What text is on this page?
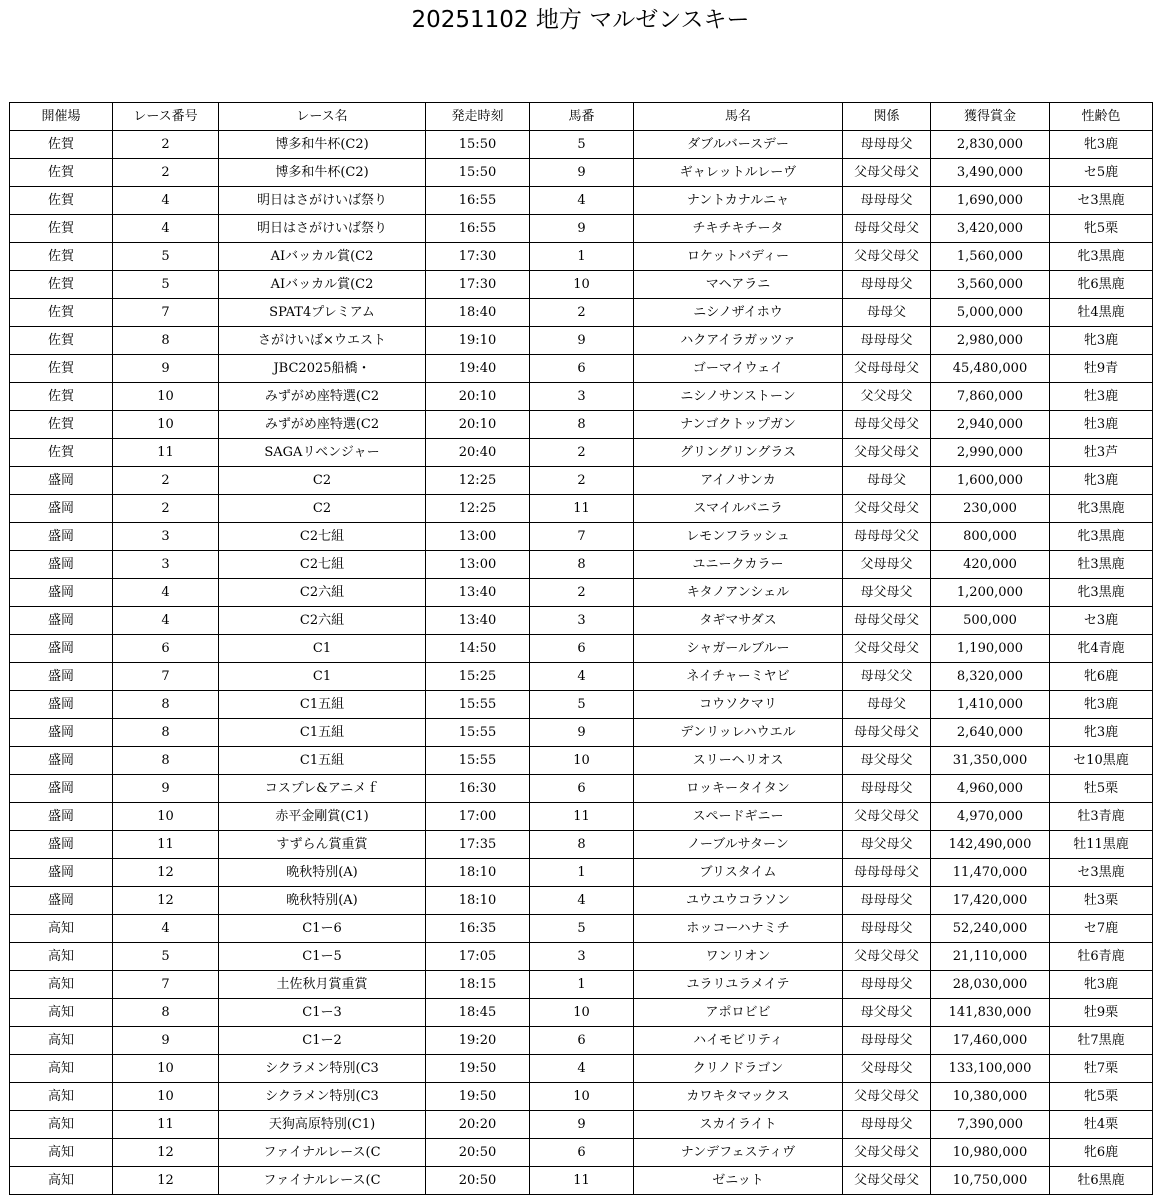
20251102 地方 マルゼンスキー
開催場	レース番号	レース名	発走時刻	馬番	馬名	関係	獲得賞金	性齢色
佐賀	2	博多和牛杯(C2)	15:50	5	ダブルバースデー	母母母父	2,830,000	牝3鹿
佐賀	2	博多和牛杯(C2)	15:50	9	ギャレットルレーヴ	父母父母父	3,490,000	セ5鹿
佐賀	4	明日はさがけいば祭り	16:55	4	ナントカナルニャ	母母母父	1,690,000	セ3黒鹿
佐賀	4	明日はさがけいば祭り	16:55	9	チキチキチータ	母母父母父	3,420,000	牝5栗
佐賀	5	AIバッカル賞(C2	17:30	1	ロケットバディー	父母父母父	1,560,000	牝3黒鹿
佐賀	5	AIバッカル賞(C2	17:30	10	マヘアラニ	母母母父	3,560,000	牝6黒鹿
佐賀	7	SPAT4プレミアム	18:40	2	ニシノザイホウ	母母父	5,000,000	牡4黒鹿
佐賀	8	さがけいば×ウエスト	19:10	9	ハクアイラガッツァ	母母母父	2,980,000	牝3鹿
佐賀	9	JBC2025船橋・	19:40	6	ゴーマイウェイ	父母母母父	45,480,000	牡9青
佐賀	10	みずがめ座特選(C2	20:10	3	ニシノサンストーン	父父母父	7,860,000	牡3鹿
佐賀	10	みずがめ座特選(C2	20:10	8	ナンゴクトップガン	母母父母父	2,940,000	牡3鹿
佐賀	11	SAGAリベンジャー	20:40	2	グリングリングラス	父母父母父	2,990,000	牡3芦
盛岡	2	C2	12:25	2	アイノサンカ	母母父	1,600,000	牝3鹿
盛岡	2	C2	12:25	11	スマイルバニラ	父母父母父	230,000	牝3黒鹿
盛岡	3	C2七組	13:00	7	レモンフラッシュ	母母母父父	800,000	牝3黒鹿
盛岡	3	C2七組	13:00	8	ユニークカラー	父母母父	420,000	牡3黒鹿
盛岡	4	C2六組	13:40	2	キタノアンシェル	母父母父	1,200,000	牝3黒鹿
盛岡	4	C2六組	13:40	3	タギマサダス	母母父母父	500,000	セ3鹿
盛岡	6	C1	14:50	6	シャガールブルー	父母父母父	1,190,000	牝4青鹿
盛岡	7	C1	15:25	4	ネイチャーミヤビ	母母父父	8,320,000	牝6鹿
盛岡	8	C1五組	15:55	5	コウソクマリ	母母父	1,410,000	牝3鹿
盛岡	8	C1五組	15:55	9	デンリッレハウエル	母母父母父	2,640,000	牝3鹿
盛岡	8	C1五組	15:55	10	スリーヘリオス	母父母父	31,350,000	セ10黒鹿
盛岡	9	コスプレ&アニメｆ	16:30	6	ロッキータイタン	母母母父	4,960,000	牡5栗
盛岡	10	赤平金剛賞(C1)	17:00	11	スペードギニー	父母父母父	4,970,000	牡3青鹿
盛岡	11	すずらん賞重賞	17:35	8	ノーブルサターン	母父母父	142,490,000	牡11黒鹿
盛岡	12	晩秋特別(A)	18:10	1	ブリスタイム	母母母母父	11,470,000	セ3黒鹿
盛岡	12	晩秋特別(A)	18:10	4	ユウユウコラソン	母母母父	17,420,000	牡3栗
高知	4	C1ー6	16:35	5	ホッコーハナミチ	母母母父	52,240,000	セ7鹿
高知	5	C1ー5	17:05	3	ワンリオン	父母父母父	21,110,000	牡6青鹿
高知	7	土佐秋月賞重賞	18:15	1	ユラリユラメイテ	母母母父	28,030,000	牝3鹿
高知	8	C1ー3	18:45	10	アポロビビ	母父母父	141,830,000	牡9栗
高知	9	C1ー2	19:20	6	ハイモビリティ	母母母父	17,460,000	牡7黒鹿
高知	10	シクラメン特別(C3	19:50	4	クリノドラゴン	父母母父	133,100,000	牡7栗
高知	10	シクラメン特別(C3	19:50	10	カワキタマックス	父母父母父	10,380,000	牝5栗
高知	11	天狗高原特別(C1)	20:20	9	スカイライト	母母母父	7,390,000	牡4栗
高知	12	ファイナルレース(C	20:50	6	ナンデフェスティヴ	父母父母父	10,980,000	牝6鹿
高知	12	ファイナルレース(C	20:50	11	ゼニット	父母父母父	10,750,000	牡6黒鹿
